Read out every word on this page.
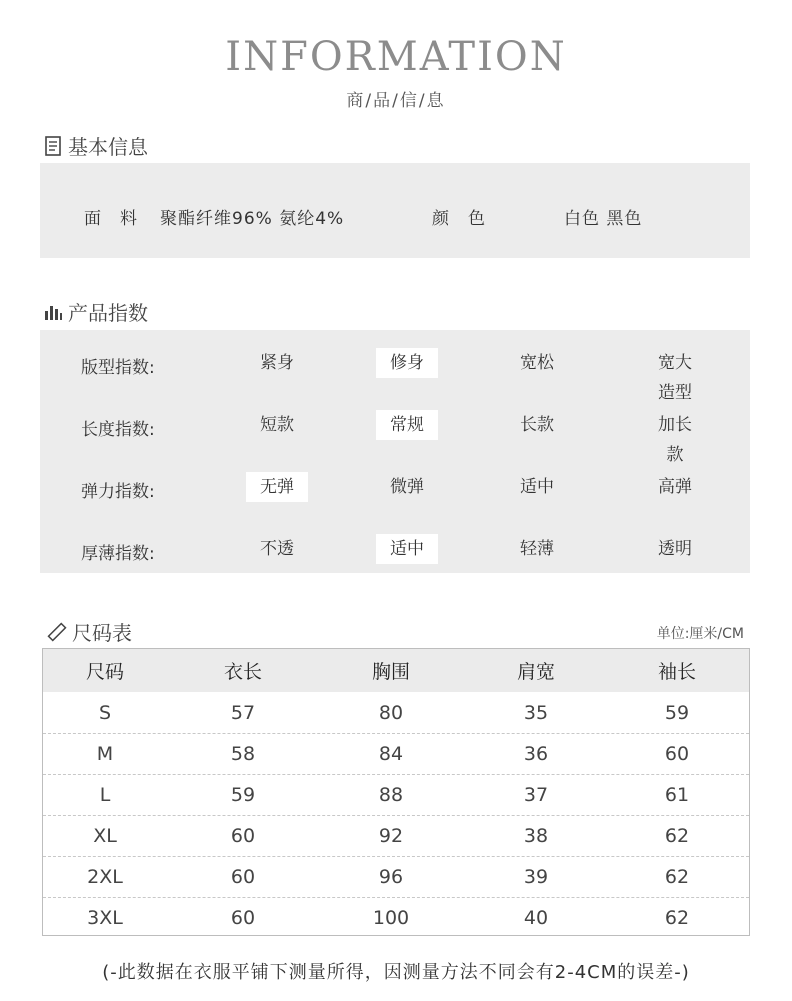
INFORMATION
商/品/信/息
基本信息
面　料 聚酯纤维96% 氨纶4%	颜　色	白色 黑色
产品指数
版型指数:	紧身	修身	宽松	宽大造型
长度指数:	短款	常规	长款	加长款
弹力指数:	无弹	微弹	适中	高弹
厚薄指数:	不透	适中	轻薄	透明
尺码表	单位:厘米/CM
尺码	衣长	胸围	肩宽	袖长
S	57	80	35	59
M	58	84	36	60
L	59	88	37	61
XL	60	92	38	62
2XL	60	96	39	62
3XL	60	100	40	62
(-此数据在衣服平铺下测量所得，因测量方法不同会有2-4CM的误差-)
